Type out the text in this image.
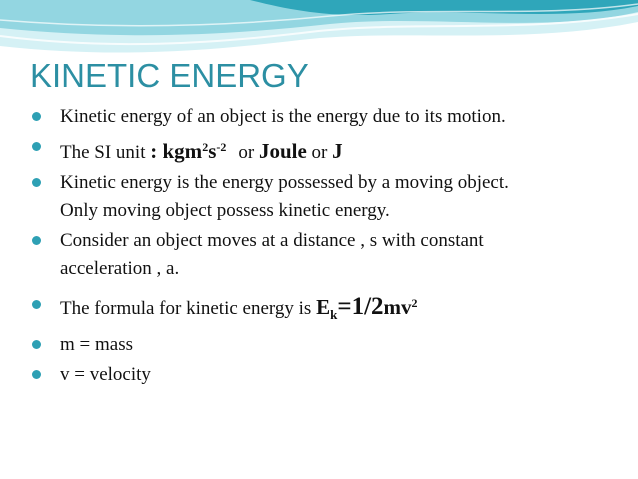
KINETIC ENERGY
Kinetic energy of an object is the energy due to its motion.
The SI unit : $kgm^2s^{-2}$ or Joule or J
Kinetic energy is the energy possessed by a moving object. Only moving object possess kinetic energy.
Consider an object moves at a distance , s with constant acceleration , a.
The formula for kinetic energy is $E_k=1/2mv^2$
m = mass
v = velocity
